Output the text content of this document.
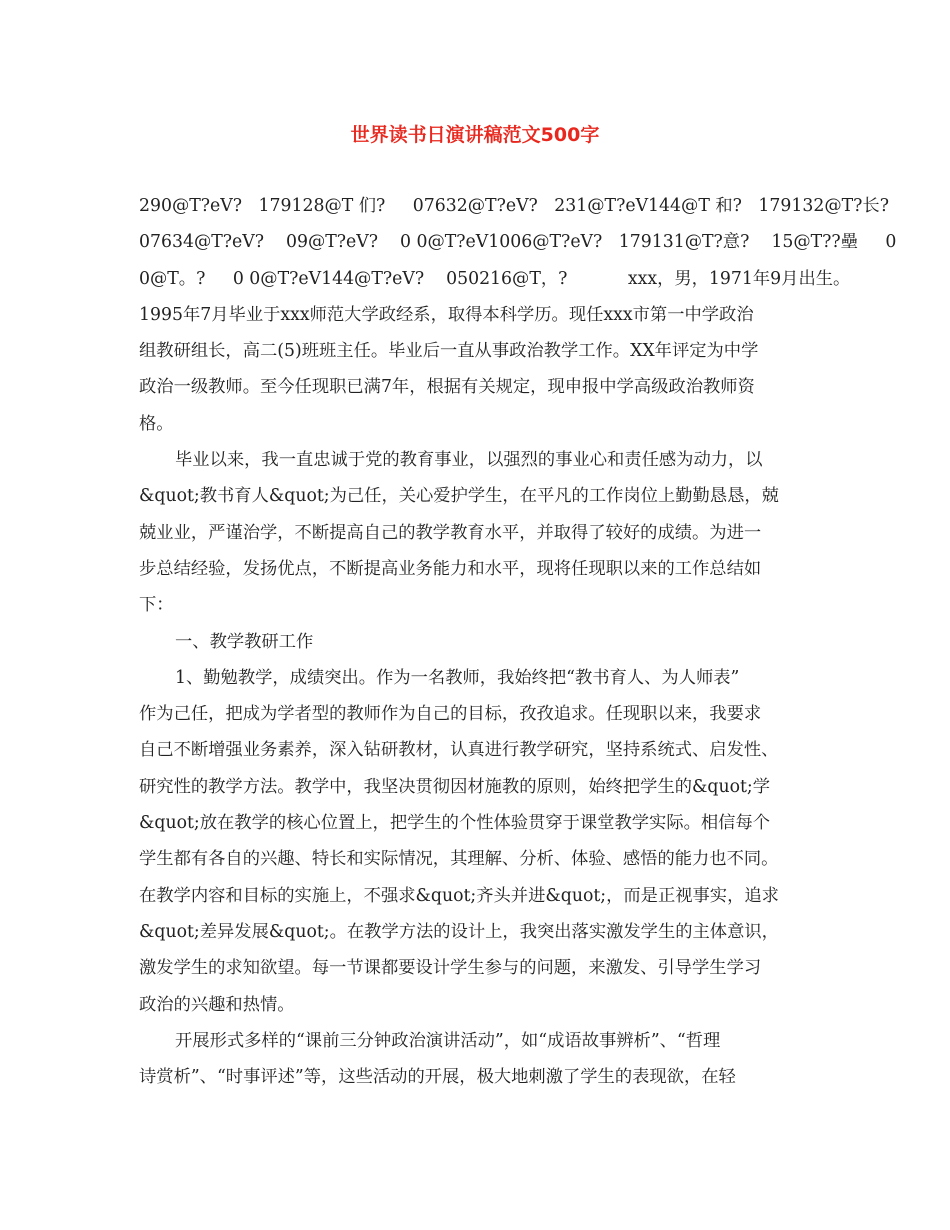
世界读书日演讲稿范文500字
290@T?eV?   179128@T 们?     07632@T?eV?   231@T?eV144@T 和?   179132@T?长?
07634@T?eV?    09@T?eV?    0 0@T?eV1006@T?eV?   179131@T?意?    15@T??壘     0
0@T。?     0 0@T?eV144@T?eV?    050216@T，?           xxx，男，1971年9月出生。
1995年7月毕业于xxx师范大学政经系，取得本科学历。现任xxx市第一中学政治
组教研组长，高二(5)班班主任。毕业后一直从事政治教学工作。XX年评定为中学
政治一级教师。至今任现职已满7年，根据有关规定，现申报中学高级政治教师资
格。
毕业以来，我一直忠诚于党的教育事业，以强烈的事业心和责任感为动力，以
&quot;教书育人&quot;为己任，关心爱护学生，在平凡的工作岗位上勤勤恳恳，兢
兢业业，严谨治学，不断提高自己的教学教育水平，并取得了较好的成绩。为进一
步总结经验，发扬优点，不断提高业务能力和水平，现将任现职以来的工作总结如
下：
一、教学教研工作
1、勤勉教学，成绩突出。作为一名教师，我始终把“教书育人、为人师表”
作为己任，把成为学者型的教师作为自己的目标，孜孜追求。任现职以来，我要求
自己不断增强业务素养，深入钻研教材，认真进行教学研究，坚持系统式、启发性、
研究性的教学方法。教学中，我坚决贯彻因材施教的原则，始终把学生的&quot;学
&quot;放在教学的核心位置上，把学生的个性体验贯穿于课堂教学实际。相信每个
学生都有各自的兴趣、特长和实际情况，其理解、分析、体验、感悟的能力也不同。
在教学内容和目标的实施上，不强求&quot;齐头并进&quot;，而是正视事实，追求
&quot;差异发展&quot;。在教学方法的设计上，我突出落实激发学生的主体意识，
激发学生的求知欲望。每一节课都要设计学生参与的问题，来激发、引导学生学习
政治的兴趣和热情。
开展形式多样的“课前三分钟政治演讲活动”，如“成语故事辨析”、“哲理
诗赏析”、“时事评述”等，这些活动的开展，极大地刺激了学生的表现欲，在轻
